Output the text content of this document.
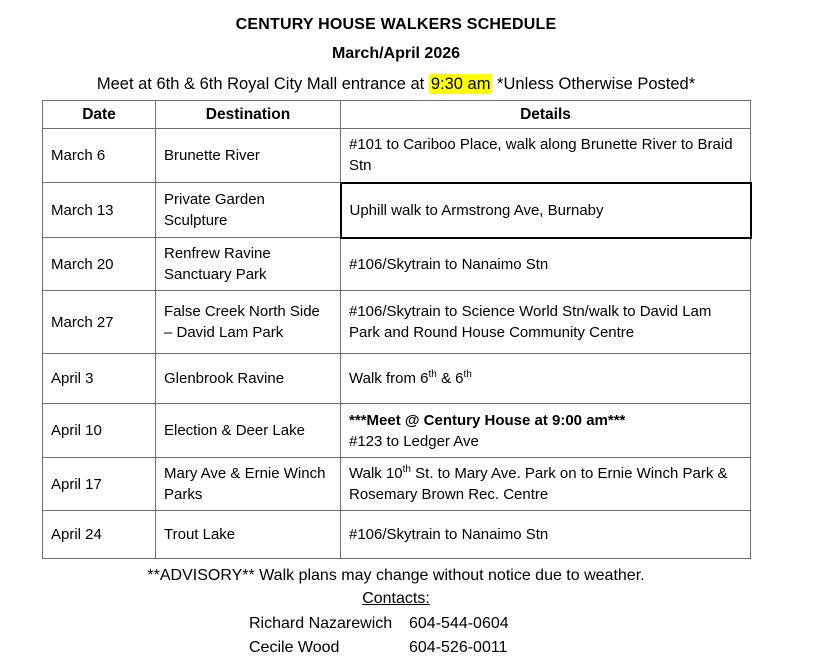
CENTURY HOUSE WALKERS SCHEDULE
March/April 2026
Meet at 6th & 6th Royal City Mall entrance at 9:30 am *Unless Otherwise Posted*
Date	Destination	Details
March 6	Brunette River	#101 to Cariboo Place, walk along Brunette River to Braid Stn

March 13	Private Garden Sculpture	Uphill walk to Armstrong Ave, Burnaby

March 20	Renfrew Ravine Sanctuary Park	#106/Skytrain to Nanaimo Stn

March 27	False Creek North Side – David Lam Park	#106/Skytrain to Science World Stn/walk to David Lam Park and Round House Community Centre

April 3	Glenbrook Ravine	Walk from 6th & 6th

April 10	Election & Deer Lake	***Meet @ Century House at 9:00 am***
#123 to Ledger Ave

April 17	Mary Ave & Ernie Winch Parks	Walk 10th St. to Mary Ave. Park on to Ernie Winch Park & Rosemary Brown Rec. Centre

April 24	Trout Lake	#106/Skytrain to Nanaimo Stn
**ADVISORY** Walk plans may change without notice due to weather.
Contacts:
Richard Nazarewich	604-544-0604
Cecile Wood	604-526-0011
